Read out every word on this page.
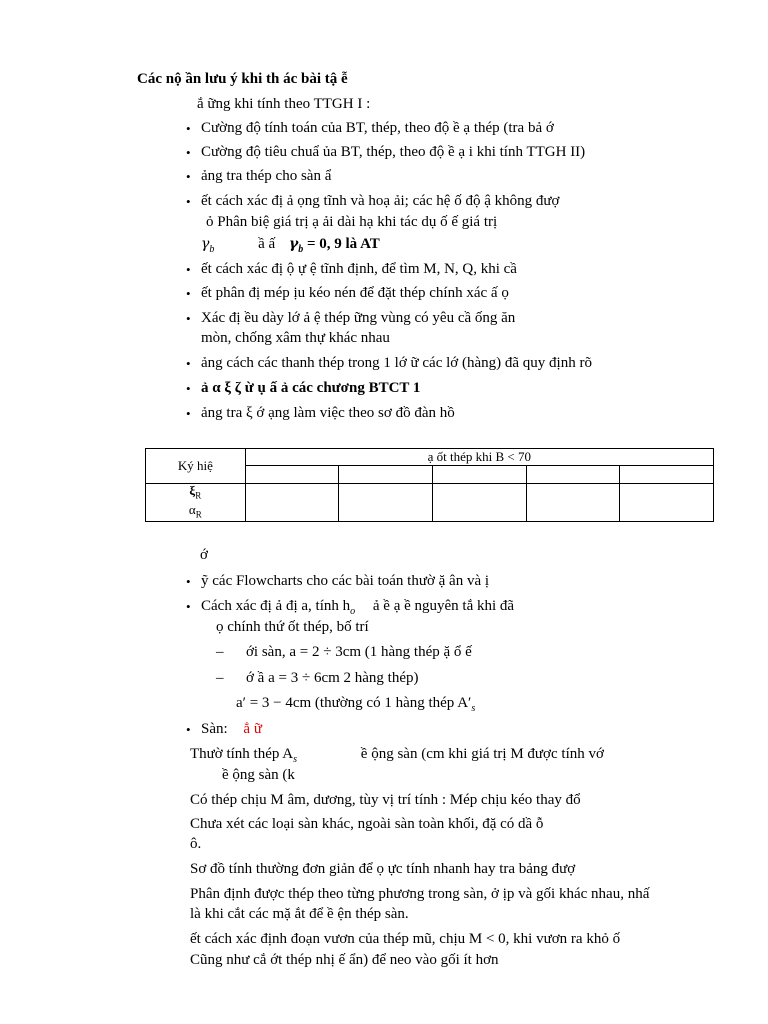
Các nộ ần lưu ý khi th ác bài tậ ễ
ắ ững khi tính theo TTGH I :
• Cường độ tính toán của BT, thép, theo độ ề ạ thép (tra bả ớ
• Cường độ tiêu chuẩ ủa BT, thép, theo độ ề ạ i khi tính TTGH II)
• ảng tra thép cho sàn ẩ
• ết cách xác đị ả ọng tĩnh và hoạ ải; các hệ ố độ ậ không đượ
ỏ Phân biệ giá trị ạ ải dài hạ khi tác dụ ố ế giá trị
$\gamma_b$	ầ ấ $\gamma_b = 0$, 9 là AT
• ết cách xác đị ộ ự ệ tĩnh định, để tìm M, N, Q, khi cầ
• ết phân đị mép ịu kéo nén để đặt thép chính xác ấ ọ
• Xác đị ều dày lớ ả ệ thép ững vùng có yêu cầ ống ăn
mòn, chống xâm thự khác nhau
• ảng cách các thanh thép trong 1 lớ ữ các lớ (hàng) đã quy định rõ
• ả α ξ ζ ừ ụ ấ ả các chương BTCT 1
• ảng tra ξ ớ ạng làm việc theo sơ đồ đàn hồ
Ký hiệ	ạ ốt thép khi B < 70				

$\xi_R$
$\alpha_R$					
ớ
• ỹ các Flowcharts cho các bài toán thườ ặ ân và ị
• Cách xác đị ả đị a, tính $h_o$ ả ề ạ ề nguyên tắ khi đã
ọ chính thứ ốt thép, bố trí
– ới sàn, a = 2 ÷ 3cm (1 hàng thép ặ ổ ế
– ớ ầ a = 3 ÷ 6cm 2 hàng thép)
a′ = 3 − 4cm (thường có 1 hàng thép $A'_s$
• Sàn: ẳ ữ
Thườ tính thép $A_s$	ề ộng sàn (cm khi giá trị M được tính vớ
ề ộng sàn (k
Có thép chịu M âm, dương, tùy vị trí tính : Mép chịu kéo thay đổ
Chưa xét các loại sàn khác, ngoài sàn toàn khối, đặ có dầ ỗ
ô.
Sơ đồ tính thường đơn giản để ọ ực tính nhanh hay tra bảng đượ
Phân định được thép theo từng phương trong sàn, ở ịp và gối khác nhau, nhấ
là khi cắt các mặ ắt để ề ện thép sàn.
ết cách xác định đoạn vươn của thép mũ, chịu M < 0, khi vươn ra khỏ ố
Cũng như cắ ớt thép nhị ế ẩn) để neo vào gối ít hơn
